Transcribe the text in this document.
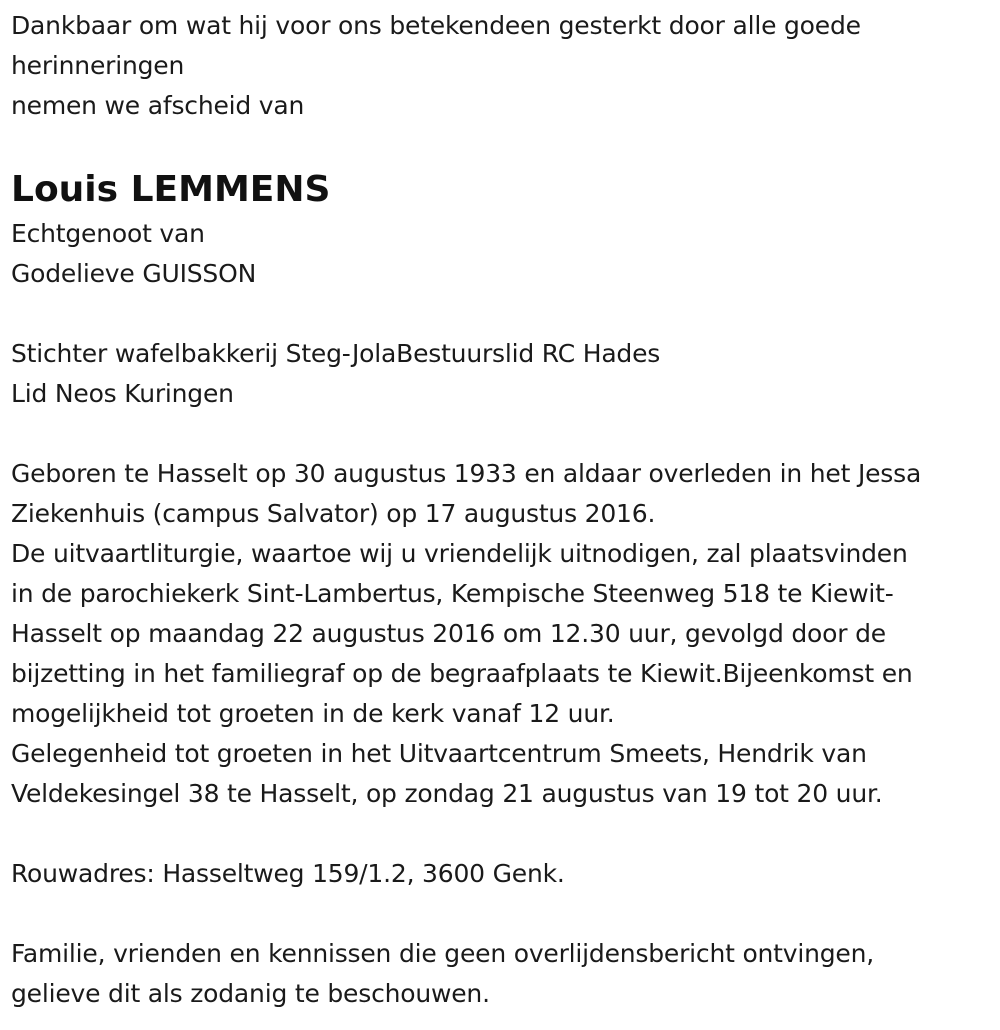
Dankbaar om wat hij voor ons betekendeen gesterkt door alle goede
herinneringen
nemen we afscheid van
Louis LEMMENS
Echtgenoot van
Godelieve GUISSON
Stichter wafelbakkerij Steg-JolaBestuurslid RC Hades
Lid Neos Kuringen
Geboren te Hasselt op 30 augustus 1933 en aldaar overleden in het Jessa
Ziekenhuis (campus Salvator) op 17 augustus 2016.
De uitvaartliturgie, waartoe wij u vriendelijk uitnodigen, zal plaatsvinden
in de parochiekerk Sint-Lambertus, Kempische Steenweg 518 te Kiewit-
Hasselt op maandag 22 augustus 2016 om 12.30 uur, gevolgd door de
bijzetting in het familiegraf op de begraafplaats te Kiewit.Bijeenkomst en
mogelijkheid tot groeten in de kerk vanaf 12 uur.
Gelegenheid tot groeten in het Uitvaartcentrum Smeets, Hendrik van
Veldekesingel 38 te Hasselt, op zondag 21 augustus van 19 tot 20 uur.
Rouwadres: Hasseltweg 159/1.2, 3600 Genk.
Familie, vrienden en kennissen die geen overlijdensbericht ontvingen,
gelieve dit als zodanig te beschouwen.
